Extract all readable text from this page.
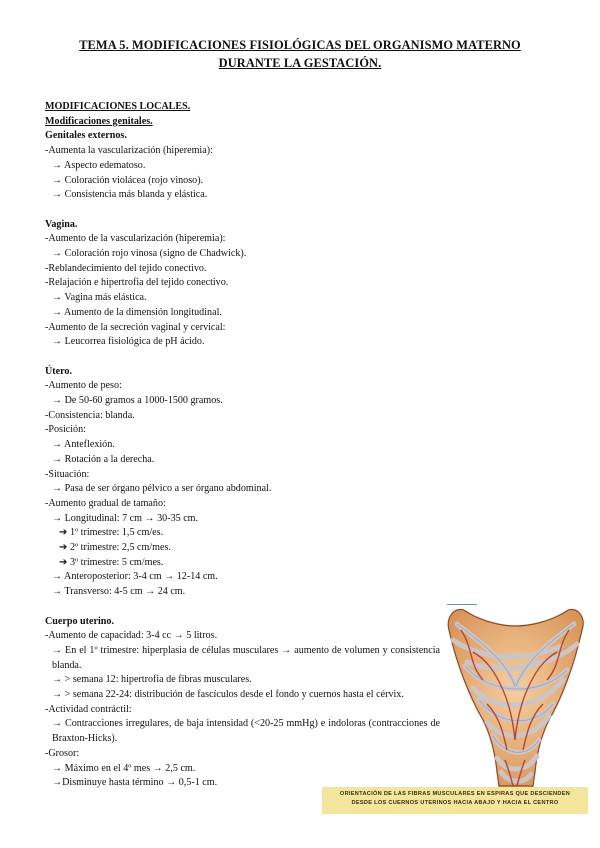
TEMA 5. MODIFICACIONES FISIOLÓGICAS DEL ORGANISMO MATERNO
DURANTE LA GESTACIÓN.
MODIFICACIONES LOCALES.
Modificaciones genitales.
Genitales externos.
-Aumenta la vascularización (hiperemia):
→ Aspecto edematoso.
→ Coloración violácea (rojo vinoso).
→ Consistencia más blanda y elástica.
Vagina.
-Aumento de la vascularización (hiperemia):
→ Coloración rojo vinosa (signo de Chadwick).
-Reblandecimiento del tejido conectivo.
-Relajación e hipertrofia del tejido conectivo.
→ Vagina más elástica.
→ Aumento de la dimensión longitudinal.
-Aumento de la secreción vaginal y cervical:
→ Leucorrea fisiológica de pH ácido.
Útero.
-Aumento de peso:
→ De 50-60 gramos a 1000-1500 gramos.
-Consistencia: blanda.
-Posición:
→ Anteflexión.
→ Rotación a la derecha.
-Situación:
→ Pasa de ser órgano pélvico a ser órgano abdominal.
-Aumento gradual de tamaño:
→ Longitudinal: 7 cm → 30-35 cm.
➔ 1º trimestre: 1,5 cm/es.
➔ 2º trimestre: 2,5 cm/mes.
➔ 3º trimestre: 5 cm/mes.
→ Anteroposterior: 3-4 cm → 12-14 cm.
→ Transverso: 4-5 cm → 24 cm.
Cuerpo uterino.
-Aumento de capacidad: 3-4 cc → 5 litros.
→ En el 1º trimestre: hiperplasia de células musculares → aumento de volumen y consistencia blanda.
→ > semana 12: hipertrofia de fibras musculares.
→ > semana 22-24: distribución de fascículos desde el fondo y cuernos hasta el cérvix.
-Actividad contráctil:
→ Contracciones irregulares, de baja intensidad (<20-25 mmHg) e indoloras (contracciones de Braxton-Hicks).
-Grosor:
→ Máximo en el 4º mes → 2,5 cm.
→Disminuye hasta término → 0,5-1 cm.
ORIENTACIÓN DE LAS FIBRAS MUSCULARES EN ESPIRAS QUE DESCIENDEN
DESDE LOS CUERNOS UTERINOS HACIA ABAJO Y HACIA EL CENTRO
